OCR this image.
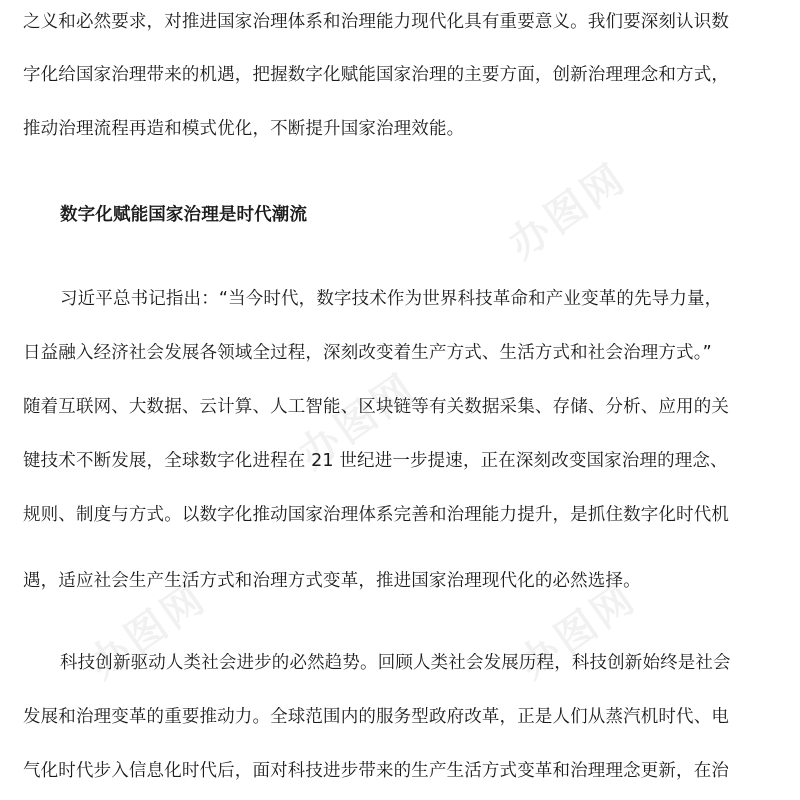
办图网
办图网
办图网	办图网
之义和必然要求，对推进国家治理体系和治理能力现代化具有重要意义。我们要深刻认识数
字化给国家治理带来的机遇，把握数字化赋能国家治理的主要方面，创新治理理念和方式，
推动治理流程再造和模式优化，不断提升国家治理效能。
数字化赋能国家治理是时代潮流
习近平总书记指出：“当今时代，数字技术作为世界科技革命和产业变革的先导力量，
日益融入经济社会发展各领域全过程，深刻改变着生产方式、生活方式和社会治理方式。”
随着互联网、大数据、云计算、人工智能、区块链等有关数据采集、存储、分析、应用的关
键技术不断发展，全球数字化进程在 21 世纪进一步提速，正在深刻改变国家治理的理念、
规则、制度与方式。以数字化推动国家治理体系完善和治理能力提升，是抓住数字化时代机
遇，适应社会生产生活方式和治理方式变革，推进国家治理现代化的必然选择。
科技创新驱动人类社会进步的必然趋势。回顾人类社会发展历程，科技创新始终是社会
发展和治理变革的重要推动力。全球范围内的服务型政府改革，正是人们从蒸汽机时代、电
气化时代步入信息化时代后，面对科技进步带来的生产生活方式变革和治理理念更新，在治
